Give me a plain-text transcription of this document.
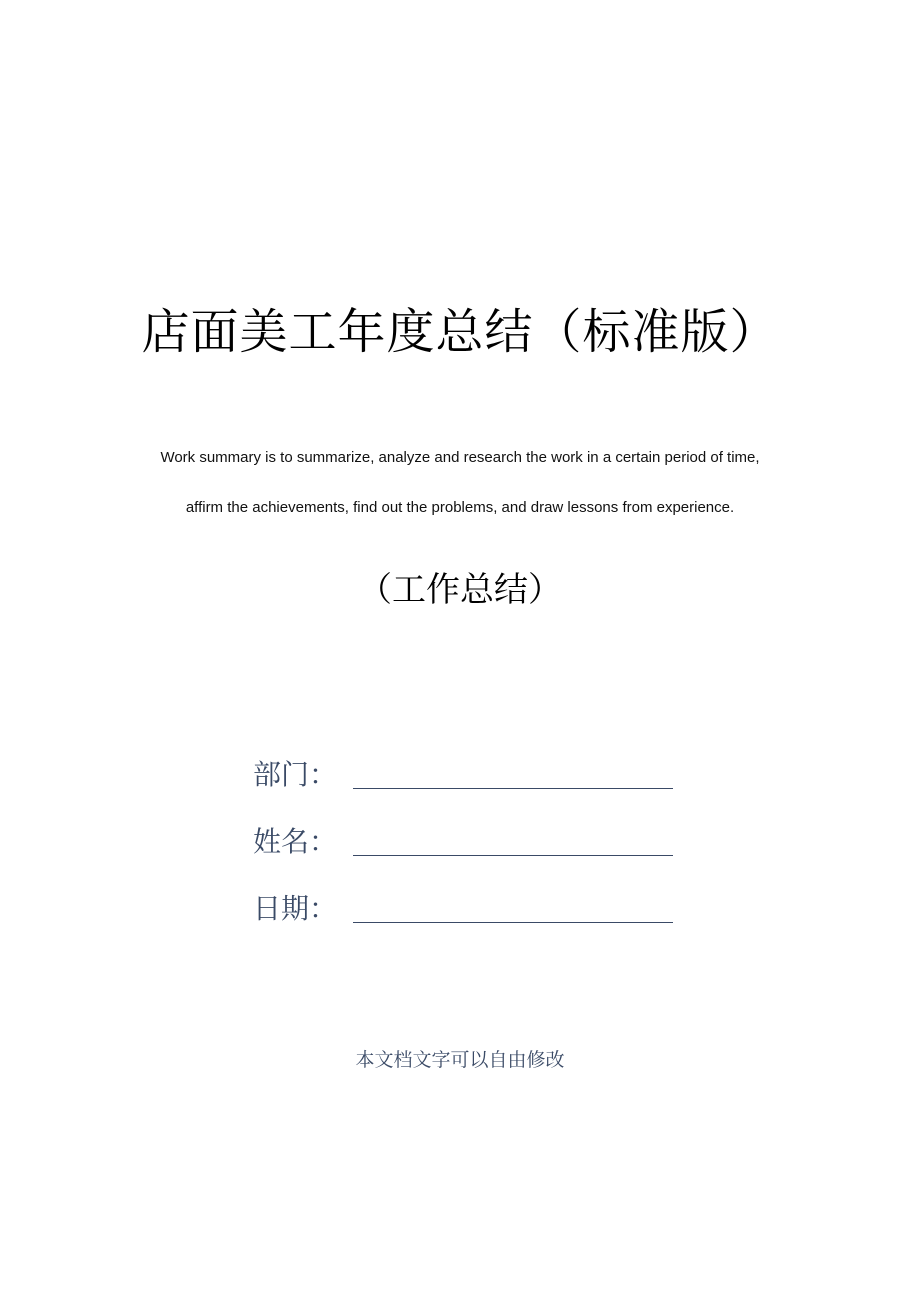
店面美工年度总结（标准版）
Work summary is to summarize, analyze and research the work in a certain period of time,
affirm the achievements, find out the problems, and draw lessons from experience.
（工作总结）
部门：
姓名：
日期：
本文档文字可以自由修改
